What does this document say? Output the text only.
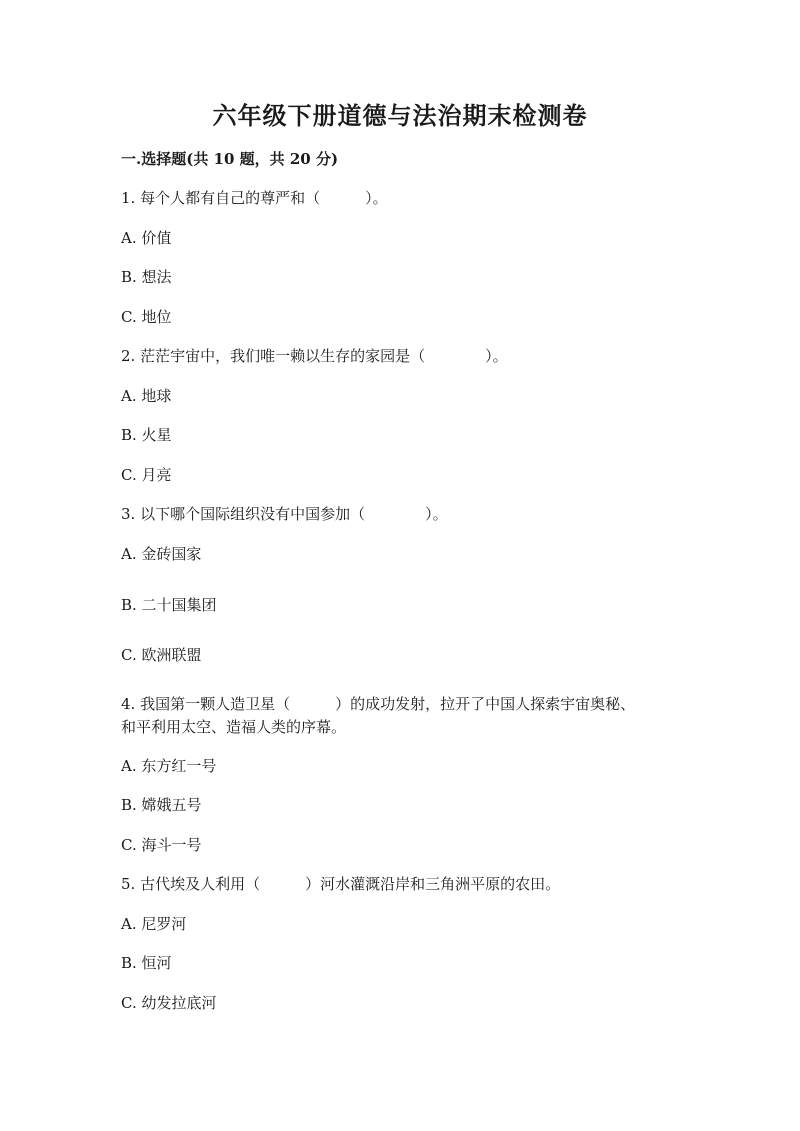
六年级下册道德与法治期末检测卷
一.选择题(共 10 题，共 20 分)
1. 每个人都有自己的尊严和（　　　）。
A. 价值
B. 想法
C. 地位
2. 茫茫宇宙中，我们唯一赖以生存的家园是（　　　　）。
A. 地球
B. 火星
C. 月亮
3. 以下哪个国际组织没有中国参加（　　　　）。
A. 金砖国家
B. 二十国集团
C. 欧洲联盟
4. 我国第一颗人造卫星（　　　）的成功发射，拉开了中国人探索宇宙奥秘、
和平利用太空、造福人类的序幕。
A. 东方红一号
B. 嫦娥五号
C. 海斗一号
5. 古代埃及人利用（　　　）河水灌溉沿岸和三角洲平原的农田。
A. 尼罗河
B. 恒河
C. 幼发拉底河
